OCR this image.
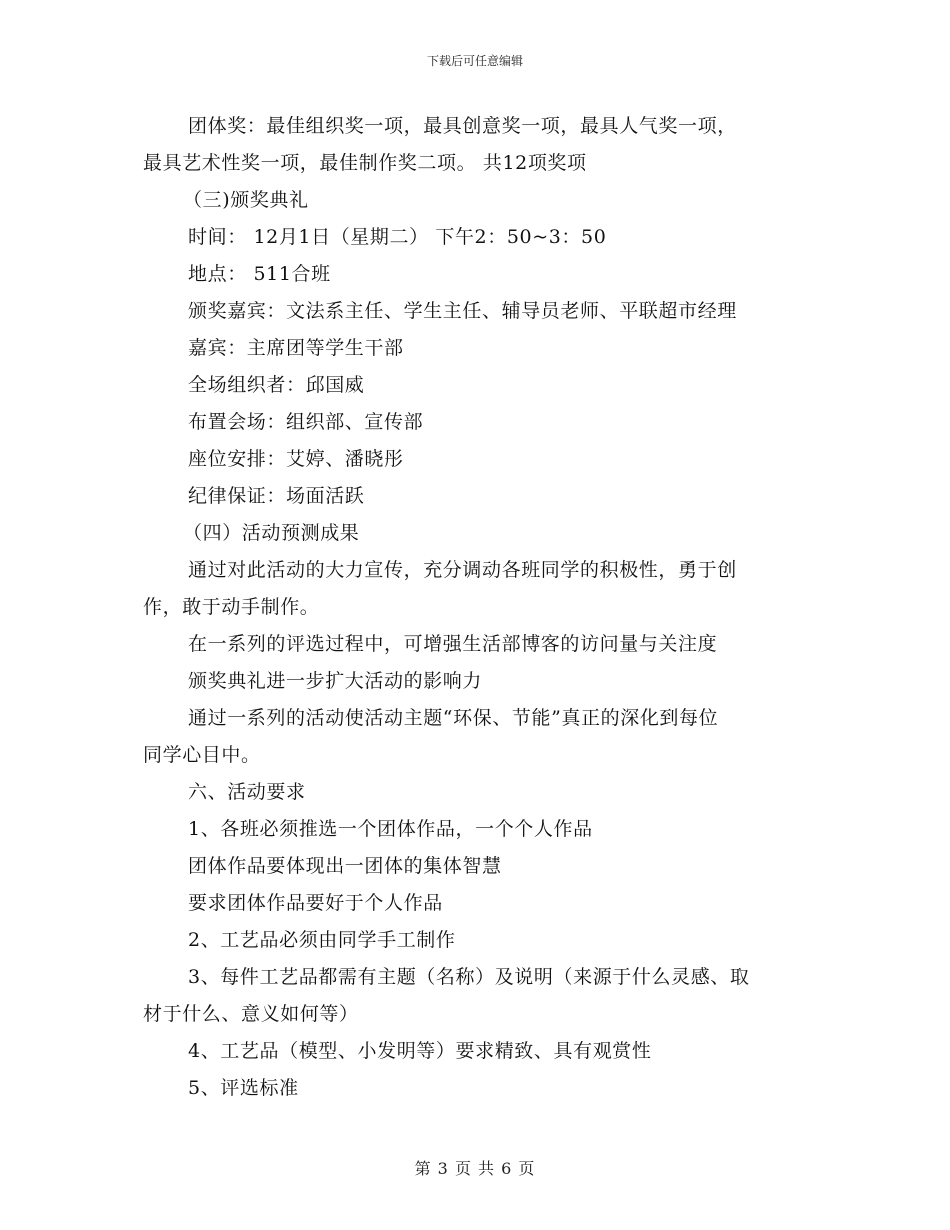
下载后可任意编辑
团体奖：最佳组织奖一项，最具创意奖一项，最具人气奖一项，
最具艺术性奖一项，最佳制作奖二项。 共12项奖项
（三)颁奖典礼
时间： 12月1日（星期二） 下午2：50~3：50
地点： 511合班
颁奖嘉宾：文法系主任、学生主任、辅导员老师、平联超市经理
嘉宾：主席团等学生干部
全场组织者：邱国威
布置会场：组织部、宣传部
座位安排：艾婷、潘晓彤
纪律保证：场面活跃
（四）活动预测成果
通过对此活动的大力宣传，充分调动各班同学的积极性，勇于创
作，敢于动手制作。
在一系列的评选过程中，可增强生活部博客的访问量与关注度
颁奖典礼进一步扩大活动的影响力
通过一系列的活动使活动主题“环保、节能”真正的深化到每位
同学心目中。
六、活动要求
1、各班必须推选一个团体作品，一个个人作品
团体作品要体现出一团体的集体智慧
要求团体作品要好于个人作品
2、工艺品必须由同学手工制作
3、每件工艺品都需有主题（名称）及说明（来源于什么灵感、取
材于什么、意义如何等）
4、工艺品（模型、小发明等）要求精致、具有观赏性
5、评选标准
第 3 页 共 6 页
